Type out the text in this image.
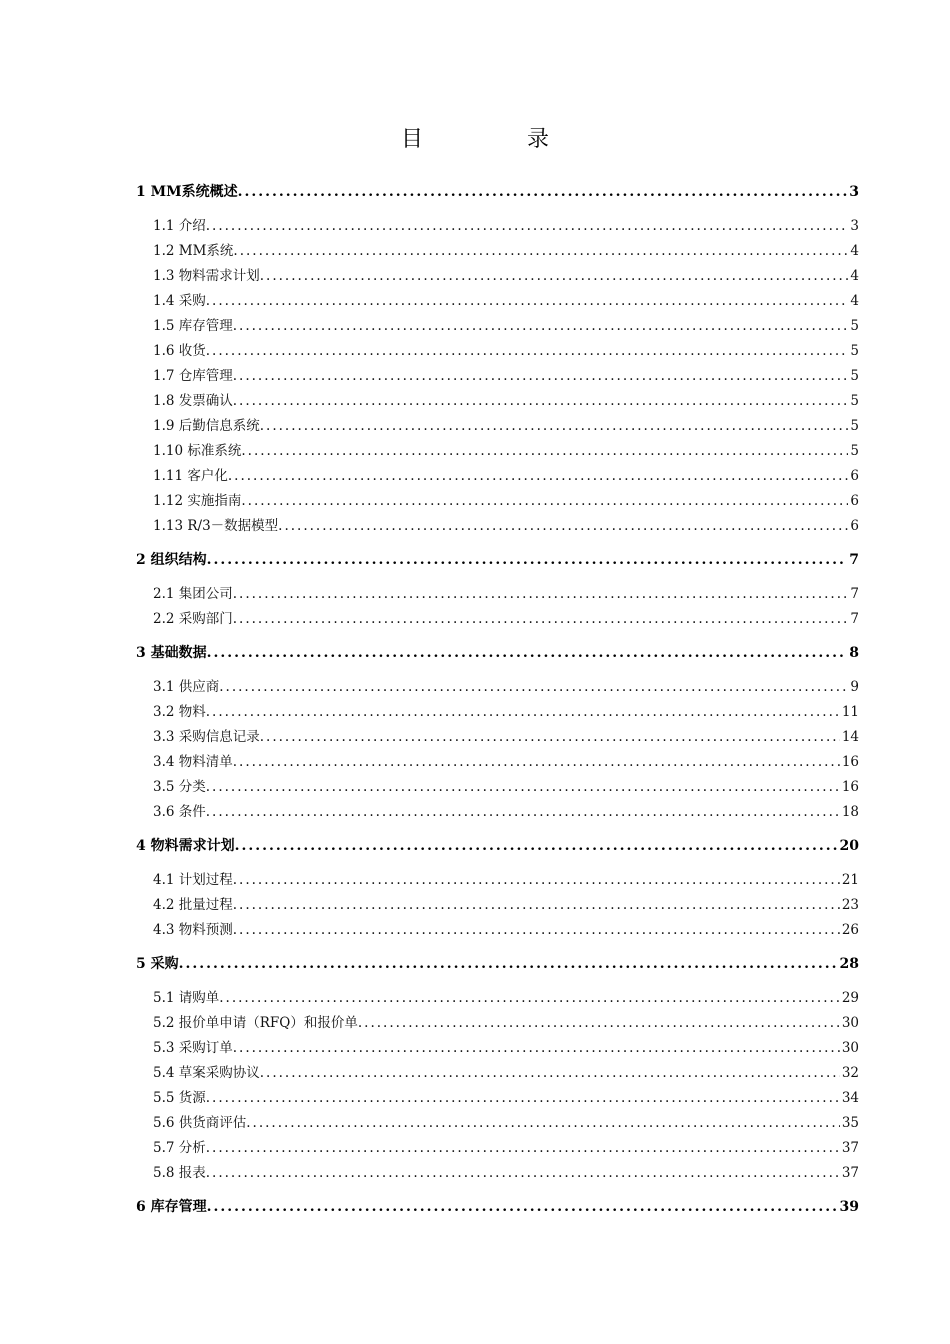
目	录
1 MM系统概述 .....	3
1.1 介绍 .....	3
1.2 MM系统 .....	4
1.3 物料需求计划 .....	4
1.4 采购 .....	4
1.5 库存管理 .....	5
1.6 收货 .....	5
1.7 仓库管理 .....	5
1.8 发票确认 .....	5
1.9 后勤信息系统 .....	5
1.10 标准系统 .....	5
1.11 客户化 .....	6
1.12 实施指南 .....	6
1.13 R/3－数据模型 .....	6
2 组织结构 .....	7
2.1 集团公司 .....	7
2.2 采购部门 .....	7
3 基础数据 .....	8
3.1 供应商 .....	9
3.2 物料 .....	11
3.3 采购信息记录 .....	14
3.4 物料清单 .....	16
3.5 分类 .....	16
3.6 条件 .....	18
4 物料需求计划 .....	20
4.1 计划过程 .....	21
4.2 批量过程 .....	23
4.3 物料预测 .....	26
5 采购 .....	28
5.1 请购单 .....	29
5.2 报价单申请（RFQ）和报价单 .....	30
5.3 采购订单 .....	30
5.4 草案采购协议 .....	32
5.5 货源 .....	34
5.6 供货商评估 .....	35
5.7 分析 .....	37
5.8 报表 .....	37
6 库存管理 .....	39
